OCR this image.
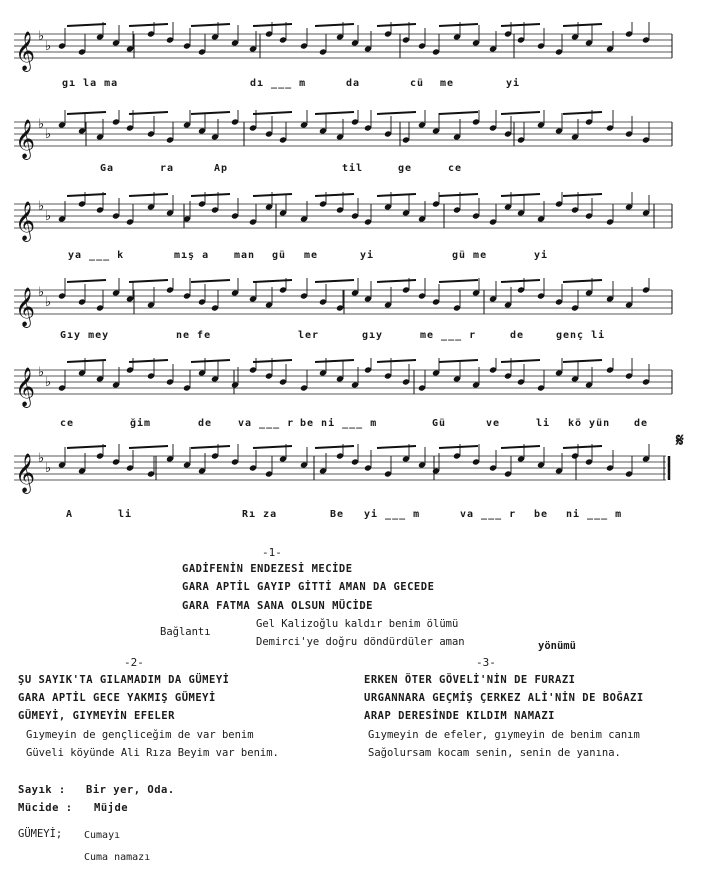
𝄞 ♭
♭
𝄞 ♭
♭
𝄞 ♭
♭
𝄞 ♭
♭
𝄞 ♭
♭
𝄞 ♭
♭
𝄋
gı la ma	dı ___ m	da	cü me	yi
Ga	ra	Ap	til	ge	ce
ya ___ k	mış a man gü me	yi	gü me	yi
Gıy mey	ne fe	ler	gıy	me ___ r	de	genç li
ce	ğim	de	va ___ r be ni ___ m	Gü	ve	li kö yün de
A	li	Rı za	Be yi ___ m	va ___ r be ni ___ m
-1-
GADİFENİN ENDEZESİ MECİDE
GARA APTİL GAYIP GİTTİ AMAN DA GECEDE
GARA FATMA SANA OLSUN MÜCİDE
Bağlantı
Gel Kalizoğlu kaldır benim ölümü
Demirci'ye doğru döndürdüler aman	yönümü
-2-
ŞU SAYIK'TA GILAMADIM DA GÜMEYİ
GARA APTİL GECE YAKMIŞ GÜMEYİ
GÜMEYİ, GIYMEYİN EFELER
Gıymeyin de gençliceğim de var benim
Güveli köyünde Ali Rıza Beyim var benim.
-3-
ERKEN ÖTER GÖVELİ'NİN DE FURAZI
URGANNARA GEÇMİŞ ÇERKEZ ALİ'NİN DE BOĞAZI
ARAP DERESİNDE KILDIM NAMAZI
Gıymeyin de efeler, gıymeyin de benim canım
Sağolursam kocam senin, senin de yanına.
Sayık : Bir yer, Oda.
Mücide : Müjde
GÜMEYİ; Cumayı
Cuma namazı
